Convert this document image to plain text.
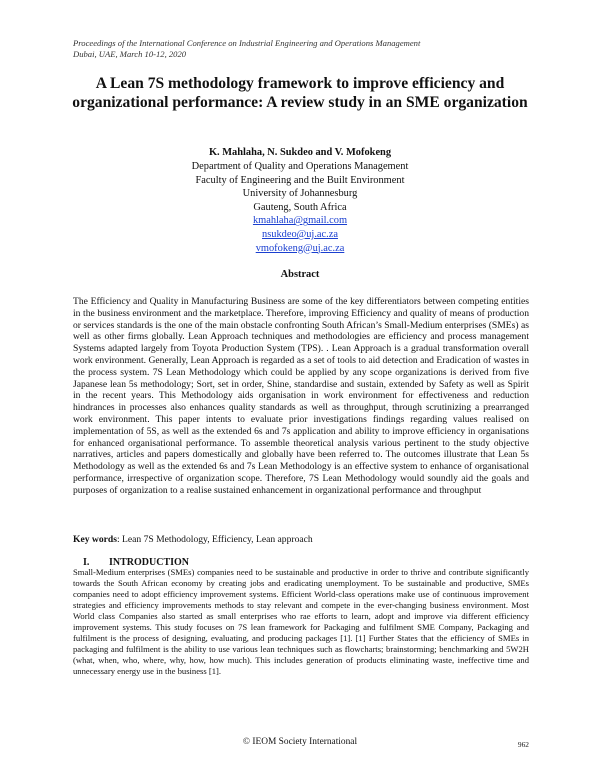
Proceedings of the International Conference on Industrial Engineering and Operations Management
Dubai, UAE, March 10-12, 2020
A Lean 7S methodology framework to improve efficiency and organizational performance: A review study in an SME organization
K. Mahlaha, N. Sukdeo and V. Mofokeng
Department of Quality and Operations Management
Faculty of Engineering and the Built Environment
University of Johannesburg
Gauteng, South Africa
kmahlaha@gmail.com
nsukdeo@uj.ac.za
vmofokeng@uj.ac.za
Abstract
The Efficiency and Quality in Manufacturing Business are some of the key differentiators between competing entities in the business environment and the marketplace. Therefore, improving Efficiency and quality of means of production or services standards is the one of the main obstacle confronting South African’s Small-Medium enterprises (SMEs) as well as other firms globally. Lean Approach techniques and methodologies are efficiency and process management Systems adapted largely from Toyota Production System (TPS). . Lean Approach is a gradual transformation overall work environment. Generally, Lean Approach is regarded as a set of tools to aid detection and Eradication of wastes in the process system. 7S Lean Methodology which could be applied by any scope organizations is derived from five Japanese lean 5s methodology; Sort, set in order, Shine, standardise and sustain, extended by Safety as well as Spirit in the recent years. This Methodology aids organisation in work environment for effectiveness and reduction hindrances in processes also enhances quality standards as well as throughput, through scrutinizing a prearranged work environment. This paper intents to evaluate prior investigations findings regarding values realised on implementation of 5S, as well as the extended 6s and 7s application and ability to improve efficiency in organisations for enhanced organisational performance. To assemble theoretical analysis various pertinent to the study objective narratives, articles and papers domestically and globally have been referred to. The outcomes illustrate that Lean 5s Methodology as well as the extended 6s and 7s Lean Methodology is an effective system to enhance of organisational performance, irrespective of organization scope. Therefore, 7S Lean Methodology would soundly aid the goals and purposes of organization to a realise sustained enhancement in organizational performance and throughput
Key words: Lean 7S Methodology, Efficiency, Lean approach
I. INTRODUCTION
Small-Medium enterprises (SMEs) companies need to be sustainable and productive in order to thrive and contribute significantly towards the South African economy by creating jobs and eradicating unemployment. To be sustainable and productive, SMEs companies need to adopt efficiency improvement systems. Efficient World-class operations make use of continuous improvement strategies and efficiency improvements methods to stay relevant and compete in the ever-changing business environment. Most World class Companies also started as small enterprises who rae efforts to learn, adopt and improve via different efficiency improvement systems. This study focuses on 7S lean framework for Packaging and fulfilment SME Company, Packaging and fulfilment is the process of designing, evaluating, and producing packages [1]. [1] Further States that the efficiency of SMEs in packaging and fulfilment is the ability to use various lean techniques such as flowcharts; brainstorming; benchmarking and 5W2H (what, when, who, where, why, how, how much). This includes generation of products eliminating waste, ineffective time and unnecessary energy use in the business [1].
© IEOM Society International	962
